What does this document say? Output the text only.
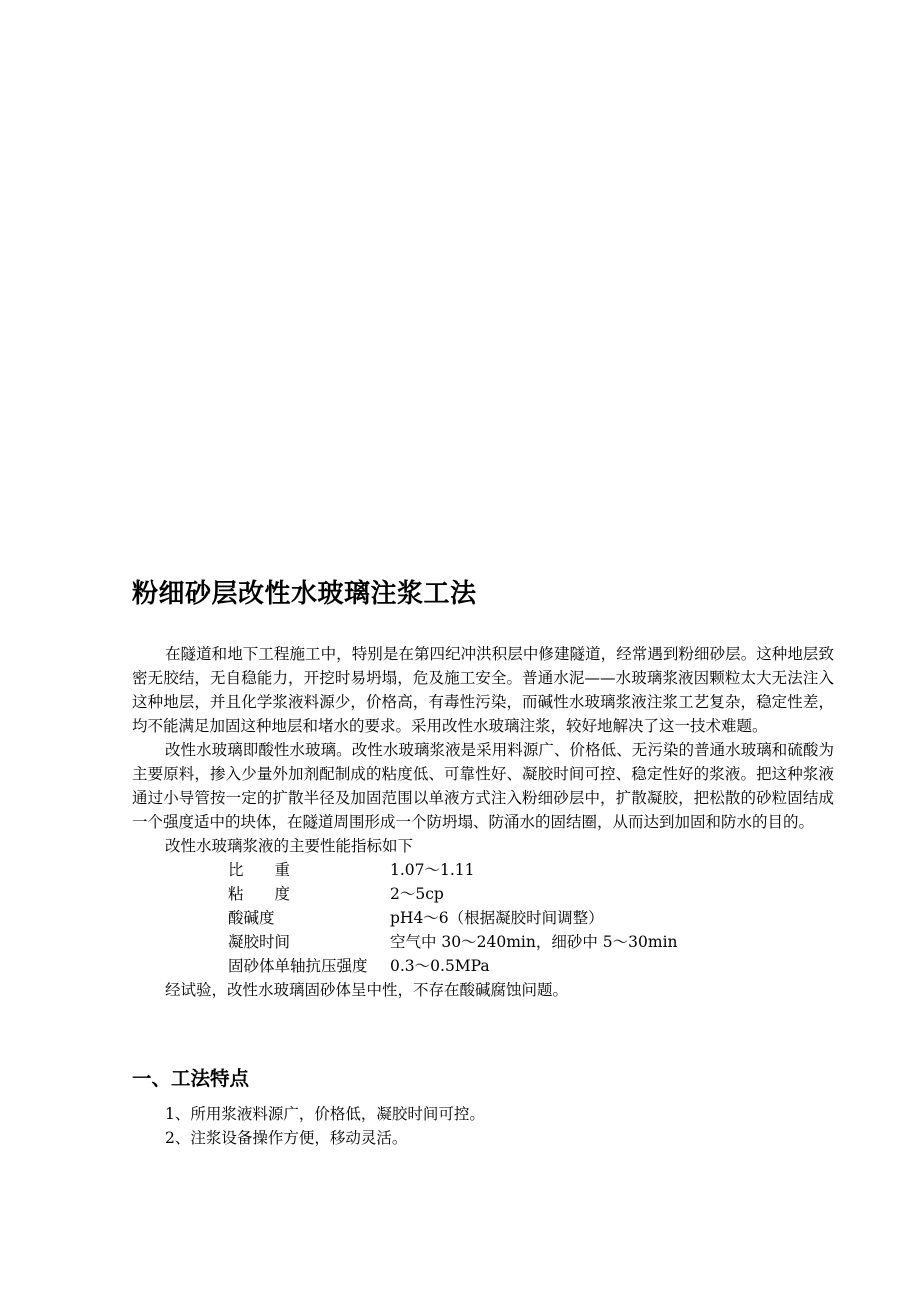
粉细砂层改性水玻璃注浆工法

在隧道和地下工程施工中，特别是在第四纪冲洪积层中修建隧道，经常遇到粉细砂层。这种地层致密无胶结，无自稳能力，开挖时易坍塌，危及施工安全。普通水泥——水玻璃浆液因颗粒太大无法注入这种地层，并且化学浆液料源少，价格高，有毒性污染，而碱性水玻璃浆液注浆工艺复杂，稳定性差，均不能满足加固这种地层和堵水的要求。采用改性水玻璃注浆，较好地解决了这一技术难题。

改性水玻璃即酸性水玻璃。改性水玻璃浆液是采用料源广、价格低、无污染的普通水玻璃和硫酸为主要原料，掺入少量外加剂配制成的粘度低、可靠性好、凝胶时间可控、稳定性好的浆液。把这种浆液通过小导管按一定的扩散半径及加固范围以单液方式注入粉细砂层中，扩散凝胶，把松散的砂粒固结成一个强度适中的块体，在隧道周围形成一个防坍塌、防涌水的固结圈，从而达到加固和防水的目的。

改性水玻璃浆液的主要性能指标如下

比　　重	1.07～1.11
粘　　度	2～5cp
酸碱度	pH4～6（根据凝胶时间调整）
凝胶时间	空气中 30～240min，细砂中 5～30min
固砂体单轴抗压强度	0.3～0.5MPa

经试验，改性水玻璃固砂体呈中性，不存在酸碱腐蚀问题。

一、工法特点

1、所用浆液料源广，价格低，凝胶时间可控。

2、注浆设备操作方便，移动灵活。
